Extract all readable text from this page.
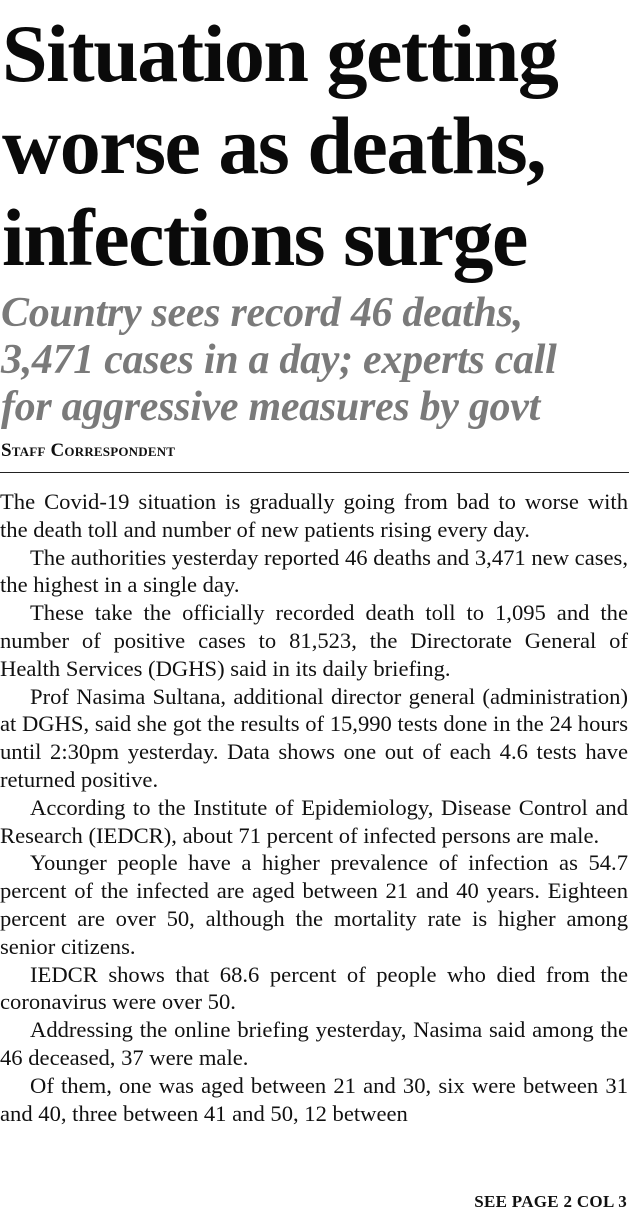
Situation getting
worse as deaths,
infections surge
Country sees record 46 deaths,
3,471 cases in a day; experts call
for aggressive measures by govt
Staff Correspondent

The Covid-19 situation is gradually going from bad to worse with the death toll and number of new patients rising every day.

The authorities yesterday reported 46 deaths and 3,471 new cases, the highest in a single day.

These take the officially recorded death toll to 1,095 and the number of positive cases to 81,523, the Directorate General of Health Services (DGHS) said in its daily briefing.

Prof Nasima Sultana, additional director general (administration) at DGHS, said she got the results of 15,990 tests done in the 24 hours until 2:30pm yesterday. Data shows one out of each 4.6 tests have returned positive.

According to the Institute of Epidemiology, Disease Control and Research (IEDCR), about 71 percent of infected persons are male.

Younger people have a higher prevalence of infection as 54.7 percent of the infected are aged between 21 and 40 years. Eighteen percent are over 50, although the mortality rate is higher among senior citizens.

IEDCR shows that 68.6 percent of people who died from the coronavirus were over 50.

Addressing the online briefing yesterday, Nasima said among the 46 deceased, 37 were male.

Of them, one was aged between 21 and 30, six were between 31 and 40, three between 41 and 50, 12 between

SEE PAGE 2 COL 3
